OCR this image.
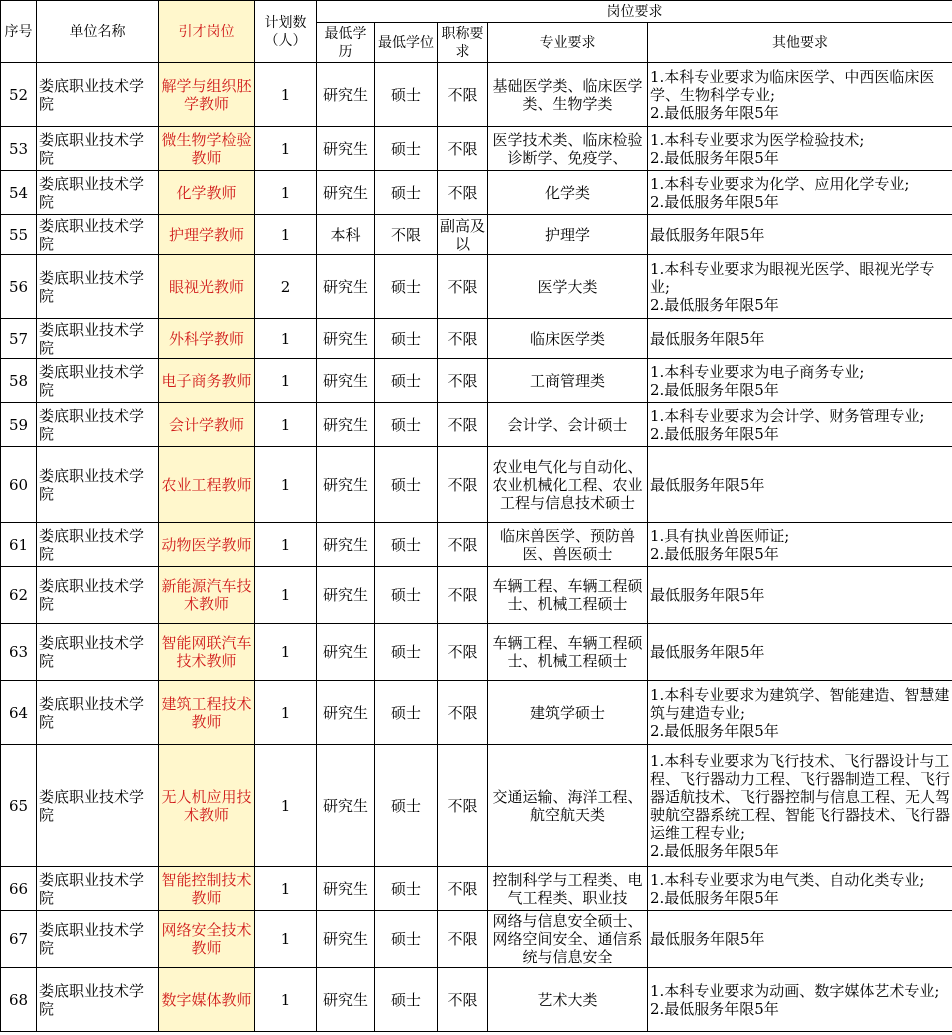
序号	单位名称	引才岗位	计划数（人）	岗位要求				
				最低学历	最低学位	职称要求	专业要求	其他要求

52	娄底职业技术学院	解学与组织胚学教师	1	研究生	硕士	不限	基础医学类、临床医学类、生物学类	1.本科专业要求为临床医学、中西医临床医学、生物科学专业;
2.最低服务年限5年

53	娄底职业技术学院	微生物学检验教师	1	研究生	硕士	不限	医学技术类、临床检验诊断学、免疫学、	1.本科专业要求为医学检验技术;
2.最低服务年限5年

54	娄底职业技术学院	化学教师	1	研究生	硕士	不限	化学类	1.本科专业要求为化学、应用化学专业;
2.最低服务年限5年

55	娄底职业技术学院	护理学教师	1	本科	不限	副高及以	护理学	最低服务年限5年

56	娄底职业技术学院	眼视光教师	2	研究生	硕士	不限	医学大类	1.本科专业要求为眼视光医学、眼视光学专业;
2.最低服务年限5年

57	娄底职业技术学院	外科学教师	1	研究生	硕士	不限	临床医学类	最低服务年限5年

58	娄底职业技术学院	电子商务教师	1	研究生	硕士	不限	工商管理类	1.本科专业要求为电子商务专业;
2.最低服务年限5年

59	娄底职业技术学院	会计学教师	1	研究生	硕士	不限	会计学、会计硕士	1.本科专业要求为会计学、财务管理专业;
2.最低服务年限5年

60	娄底职业技术学院	农业工程教师	1	研究生	硕士	不限	农业电气化与自动化、农业机械化工程、农业工程与信息技术硕士	最低服务年限5年

61	娄底职业技术学院	动物医学教师	1	研究生	硕士	不限	临床兽医学、预防兽医、兽医硕士	1.具有执业兽医师证;
2.最低服务年限5年

62	娄底职业技术学院	新能源汽车技术教师	1	研究生	硕士	不限	车辆工程、车辆工程硕士、机械工程硕士	最低服务年限5年

63	娄底职业技术学院	智能网联汽车技术教师	1	研究生	硕士	不限	车辆工程、车辆工程硕士、机械工程硕士	最低服务年限5年

64	娄底职业技术学院	建筑工程技术教师	1	研究生	硕士	不限	建筑学硕士	1.本科专业要求为建筑学、智能建造、智慧建筑与建造专业;
2.最低服务年限5年

65	娄底职业技术学院	无人机应用技术教师	1	研究生	硕士	不限	交通运输、海洋工程、航空航天类	1.本科专业要求为飞行技术、飞行器设计与工程、飞行器动力工程、飞行器制造工程、飞行器适航技术、飞行器控制与信息工程、无人驾驶航空器系统工程、智能飞行器技术、飞行器运维工程专业;
2.最低服务年限5年

66	娄底职业技术学院	智能控制技术教师	1	研究生	硕士	不限	控制科学与工程类、电气工程类、职业技	1.本科专业要求为电气类、自动化类专业;
2.最低服务年限5年

67	娄底职业技术学院	网络安全技术教师	1	研究生	硕士	不限	网络与信息安全硕士、网络空间安全、通信系统与信息安全	最低服务年限5年

68	娄底职业技术学院	数字媒体教师	1	研究生	硕士	不限	艺术大类	1.本科专业要求为动画、数字媒体艺术专业;
2.最低服务年限5年
